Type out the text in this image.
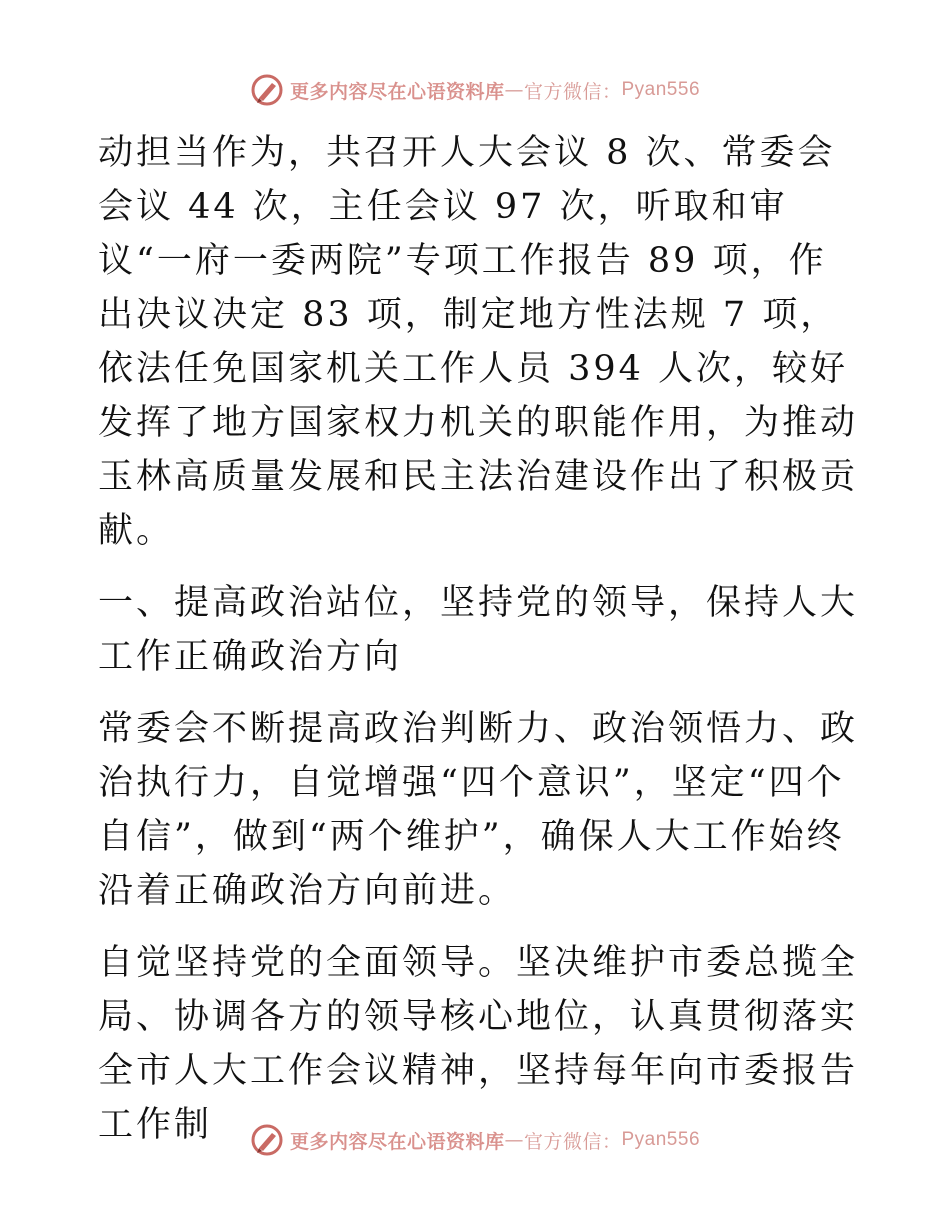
更多内容尽在心语资料库 — 官方微信： Pyan556

动担当作为，共召开人大会议 8 次、常委会会议 44 次，主任会议 97 次，听取和审议“一府一委两院”专项工作报告 89 项，作出决议决定 83 项，制定地方性法规 7 项，依法任免国家机关工作人员 394 人次，较好发挥了地方国家权力机关的职能作用，为推动玉林高质量发展和民主法治建设作出了积极贡献。

一、提高政治站位，坚持党的领导，保持人大工作正确政治方向

常委会不断提高政治判断力、政治领悟力、政治执行力，自觉增强“四个意识”，坚定“四个自信”，做到“两个维护”，确保人大工作始终沿着正确政治方向前进。

自觉坚持党的全面领导。坚决维护市委总揽全局、协调各方的领导核心地位，认真贯彻落实全市人大工作会议精神，坚持每年向市委报告工作制	更多内容尽在心语资料库 — 官方微信： Pyan556
